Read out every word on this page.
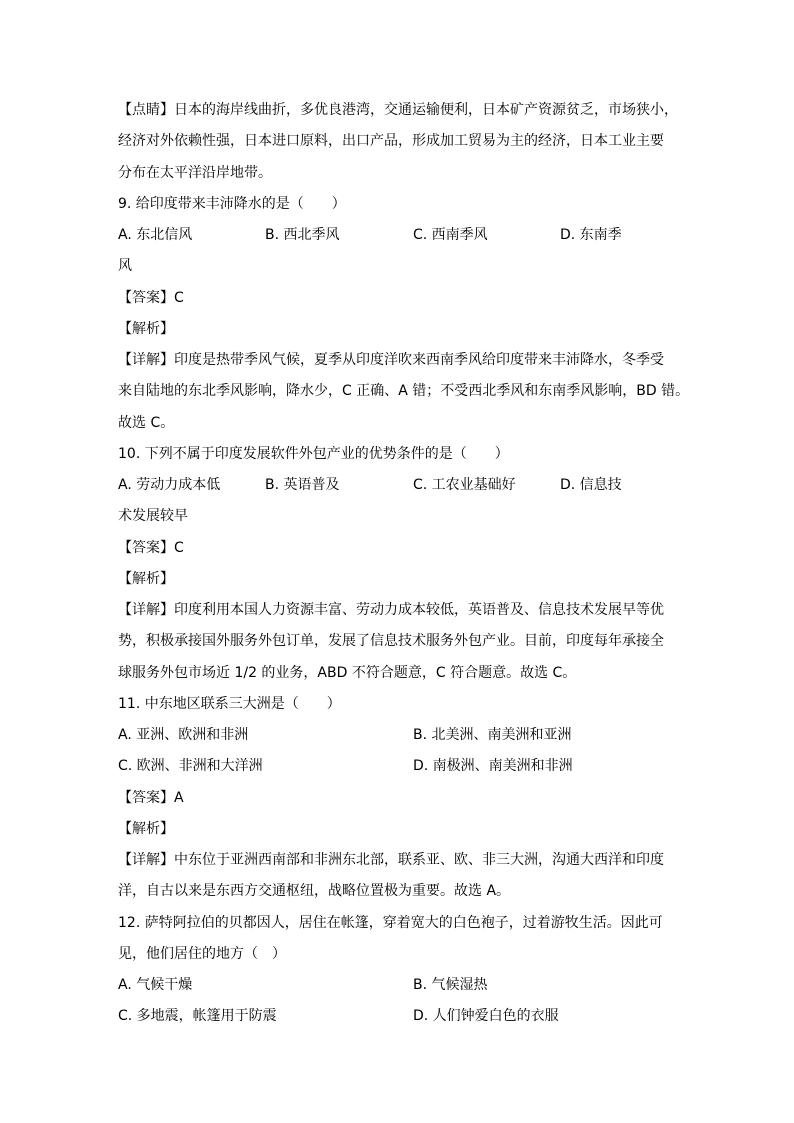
【点睛】日本的海岸线曲折，多优良港湾，交通运输便利，日本矿产资源贫乏，市场狭小，
经济对外依赖性强，日本进口原料，出口产品，形成加工贸易为主的经济，日本工业主要
分布在太平洋沿岸地带。
9. 给印度带来丰沛降水的是（　　）
A. 东北信风	B. 西北季风	C. 西南季风	D. 东南季
风
【答案】C
【解析】
【详解】印度是热带季风气候，夏季从印度洋吹来西南季风给印度带来丰沛降水，冬季受
来自陆地的东北季风影响，降水少，C 正确、A 错；不受西北季风和东南季风影响，BD 错。
故选 C。
10. 下列不属于印度发展软件外包产业的优势条件的是（　　）
A. 劳动力成本低	B. 英语普及	C. 工农业基础好	D. 信息技
术发展较早
【答案】C
【解析】
【详解】印度利用本国人力资源丰富、劳动力成本较低，英语普及、信息技术发展早等优
势，积极承接国外服务外包订单，发展了信息技术服务外包产业。目前，印度每年承接全
球服务外包市场近 1/2 的业务，ABD 不符合题意，C 符合题意。故选 C。
11. 中东地区联系三大洲是（　　）
A. 亚洲、欧洲和非洲	B. 北美洲、南美洲和亚洲
C. 欧洲、非洲和大洋洲	D. 南极洲、南美洲和非洲
【答案】A
【解析】
【详解】中东位于亚洲西南部和非洲东北部，联系亚、欧、非三大洲，沟通大西洋和印度
洋，自古以来是东西方交通枢纽，战略位置极为重要。故选 A。
12. 萨特阿拉伯的贝都因人，居住在帐篷，穿着宽大的白色袍子，过着游牧生活。因此可
见，他们居住的地方（　）
A. 气候干燥	B. 气候湿热
C. 多地震，帐篷用于防震	D. 人们钟爱白色的衣服
